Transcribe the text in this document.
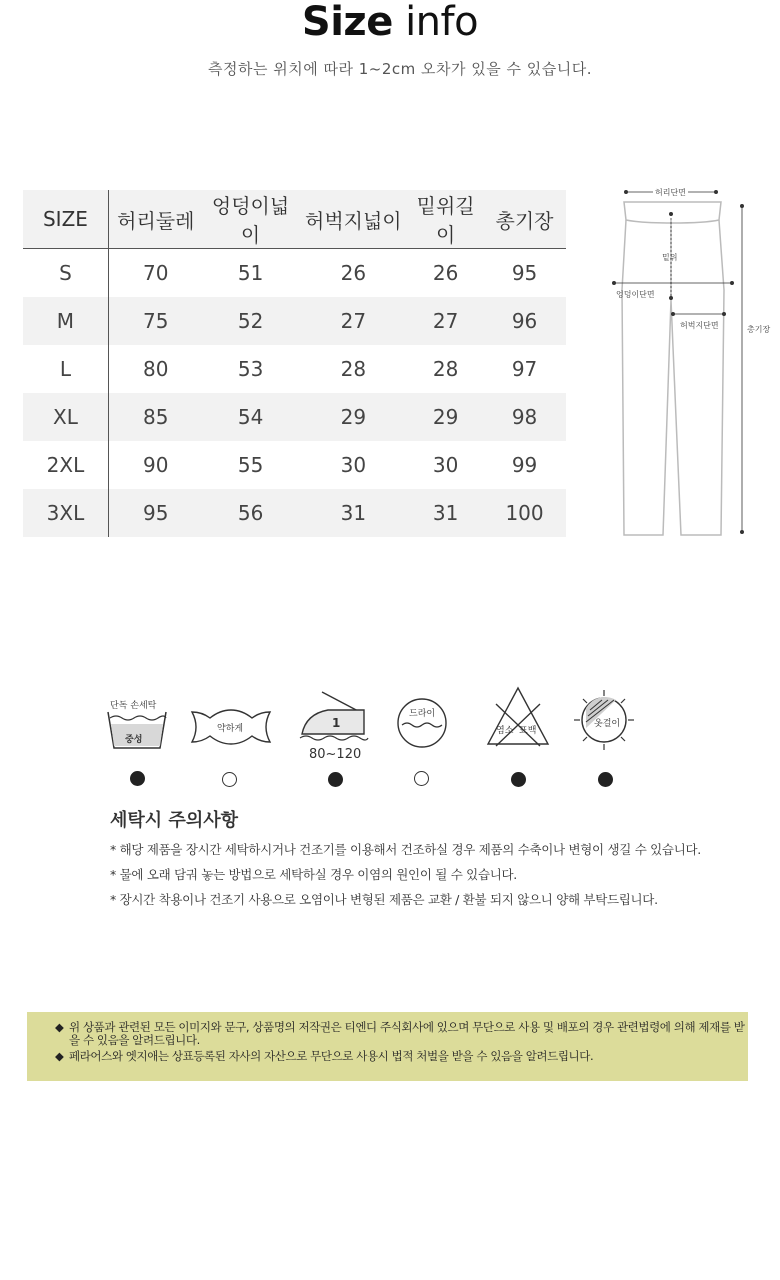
Size info
측정하는 위치에 따라 1~2cm 오차가 있을 수 있습니다.
SIZE	허리둘레	엉덩이넓이	허벅지넓이	밑위길이	총기장
S	70	51	26	26	95
M	75	52	27	27	96
L	80	53	28	28	97
XL	85	54	29	29	98
2XL	90	55	30	30	99
3XL	95	56	31	31	100
허리단면
밑위
엉덩이단면
허벅지단면	총기장
단독 손세탁
중성
약하게	1
80~120
드라이
염소 표백
옷걸이
세탁시 주의사항
* 해당 제품을 장시간 세탁하시거나 건조기를 이용해서 건조하실 경우 제품의 수축이나 변형이 생길 수 있습니다.
* 물에 오래 담궈 놓는 방법으로 세탁하실 경우 이염의 원인이 될 수 있습니다.
* 장시간 착용이나 건조기 사용으로 오염이나 변형된 제품은 교환 / 환불 되지 않으니 양해 부탁드립니다.
◆ 위 상품과 관련된 모든 이미지와 문구, 상품명의 저작권은 티엔디 주식회사에 있으며 무단으로 사용 및 배포의 경우 관련법령에 의해 제재를 받을 수 있음을 알려드립니다.
◆ 페라어스와 엣지애는 상표등록된 자사의 자산으로 무단으로 사용시 법적 처벌을 받을 수 있음을 알려드립니다.
